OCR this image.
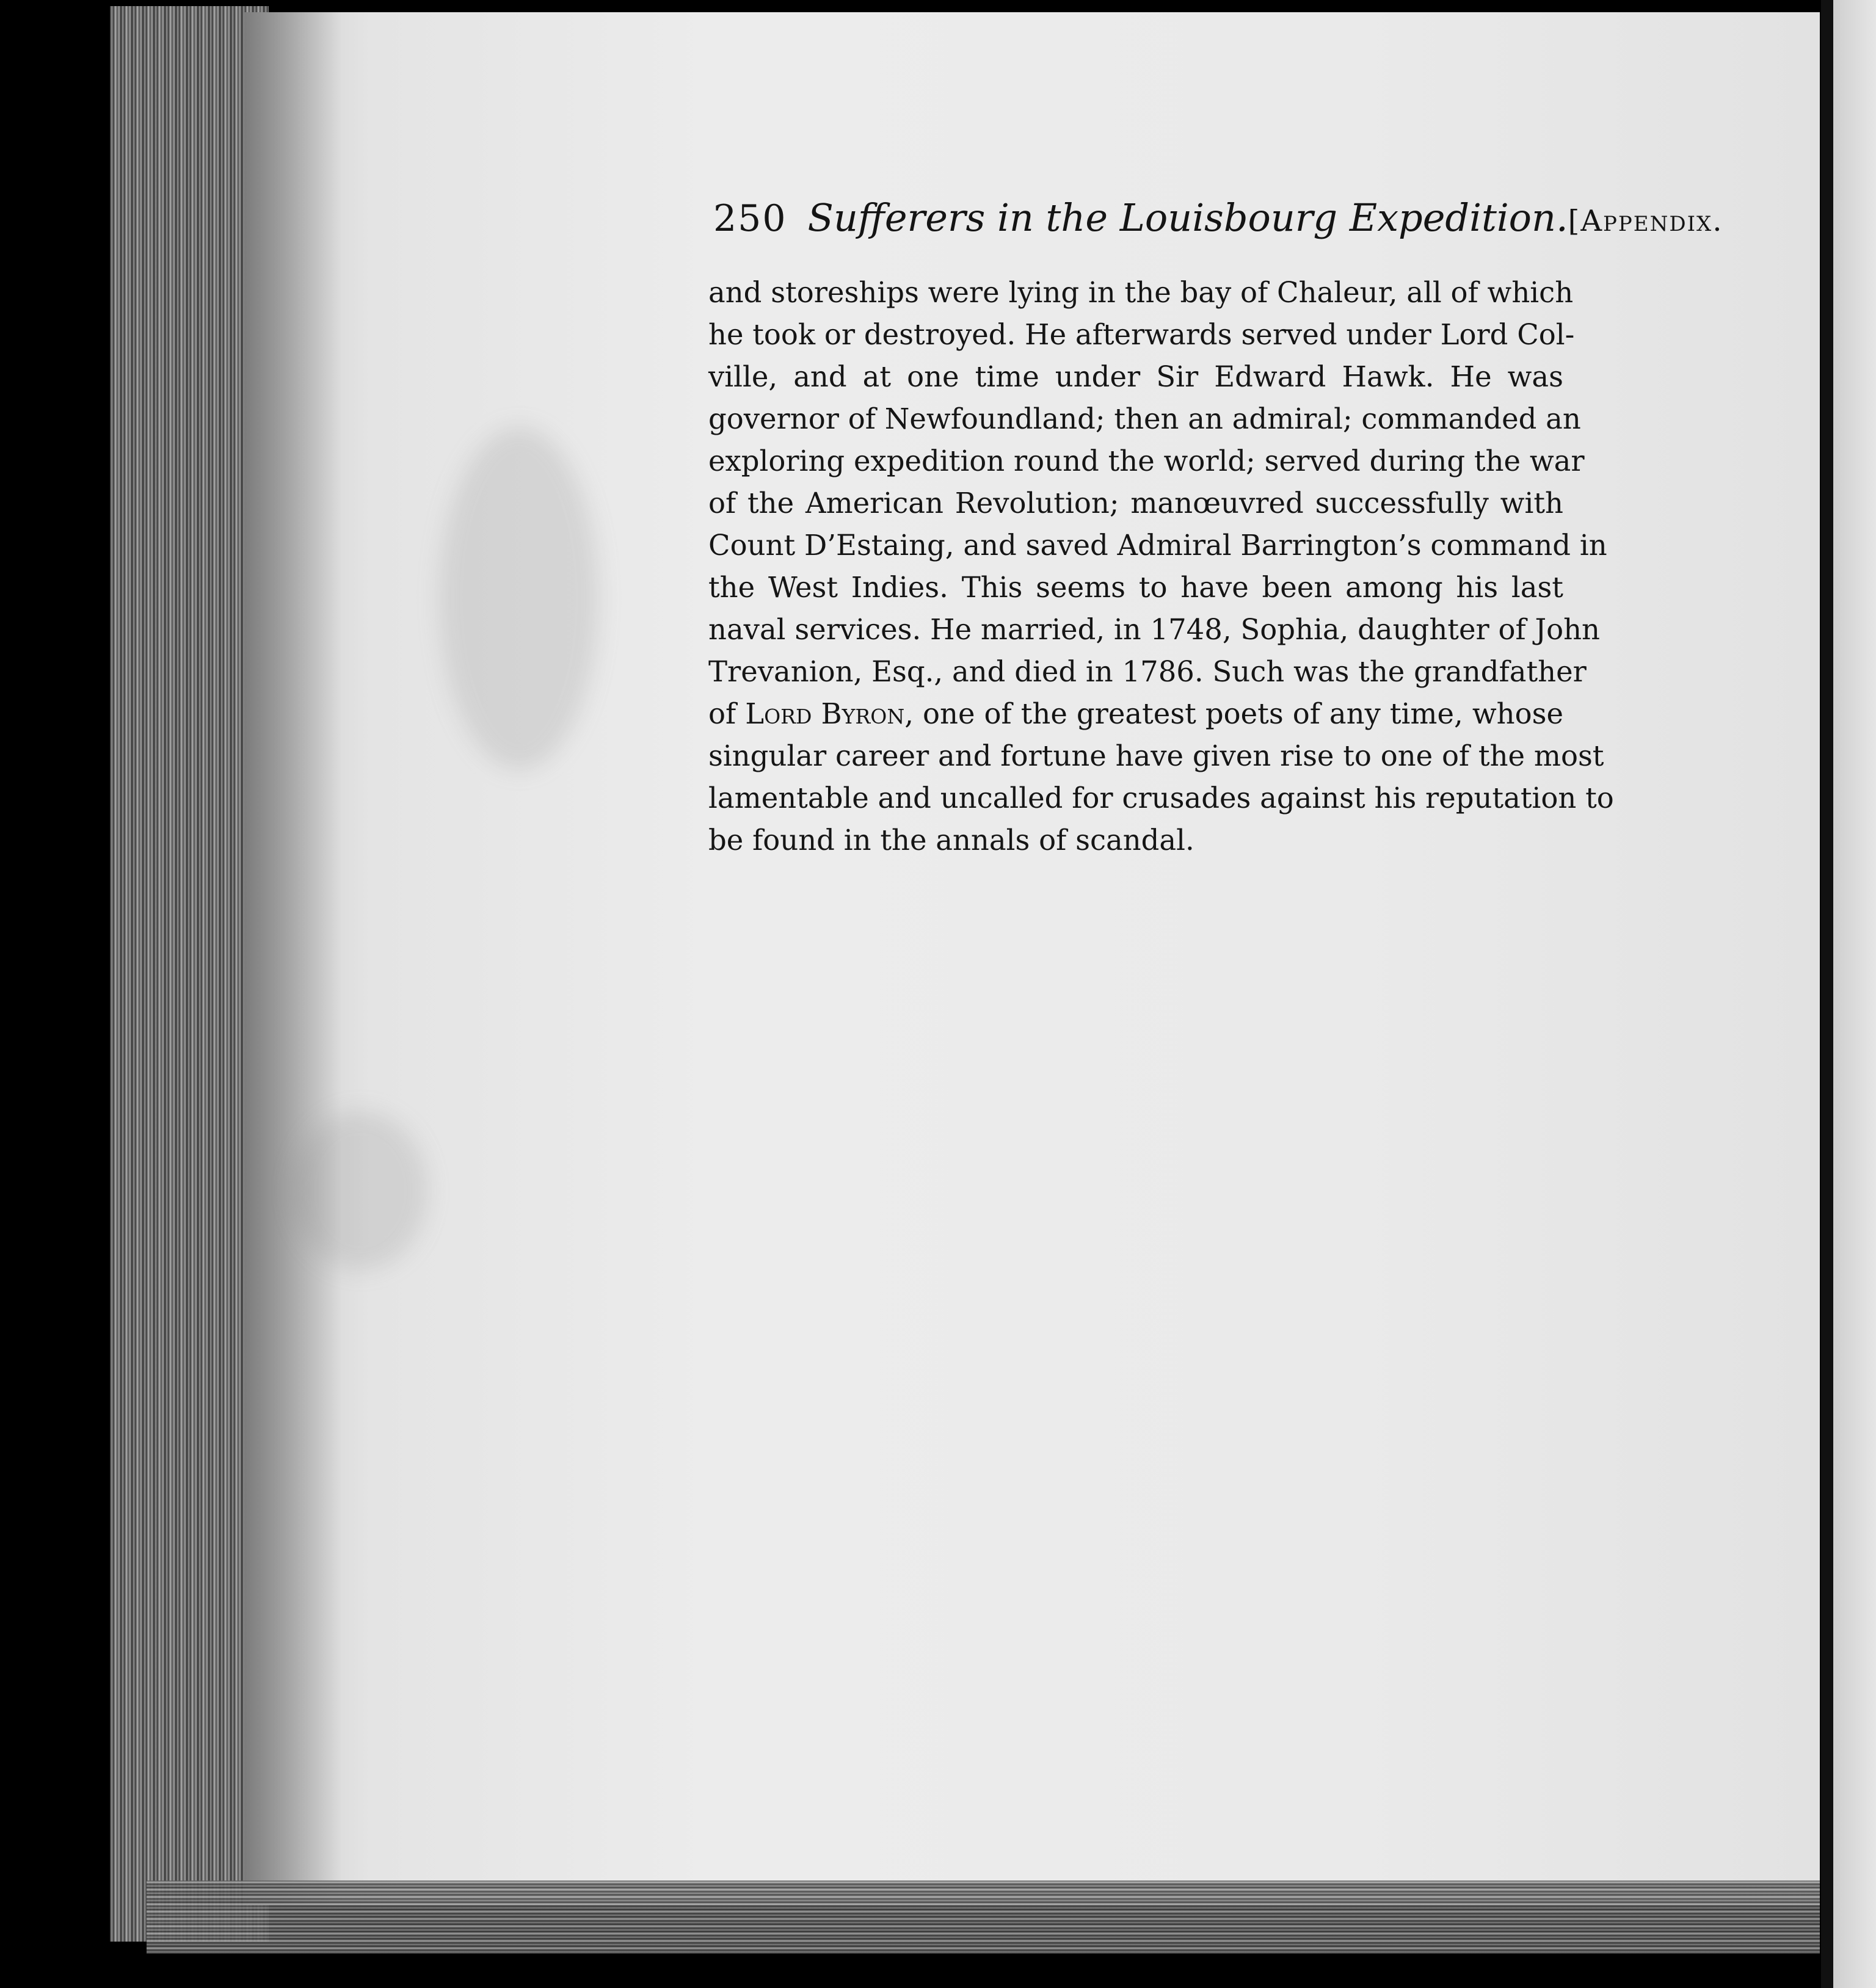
250 Sufferers in the Louisbourg Expedition. [Appendix.
and storeships were lying in the bay of Chaleur, all of which
he took or destroyed. He afterwards served under Lord Col-
ville, and at one time under Sir Edward Hawk. He was
governor of Newfoundland; then an admiral; commanded an
exploring expedition round the world; served during the war
of the American Revolution; manœuvred successfully with
Count D’Estaing, and saved Admiral Barrington’s command in
the West Indies. This seems to have been among his last
naval services. He married, in 1748, Sophia, daughter of John
Trevanion, Esq., and died in 1786. Such was the grandfather
of Lord Byron, one of the greatest poets of any time, whose
singular career and fortune have given rise to one of the most
lamentable and uncalled for crusades against his reputation to
be found in the annals of scandal.
